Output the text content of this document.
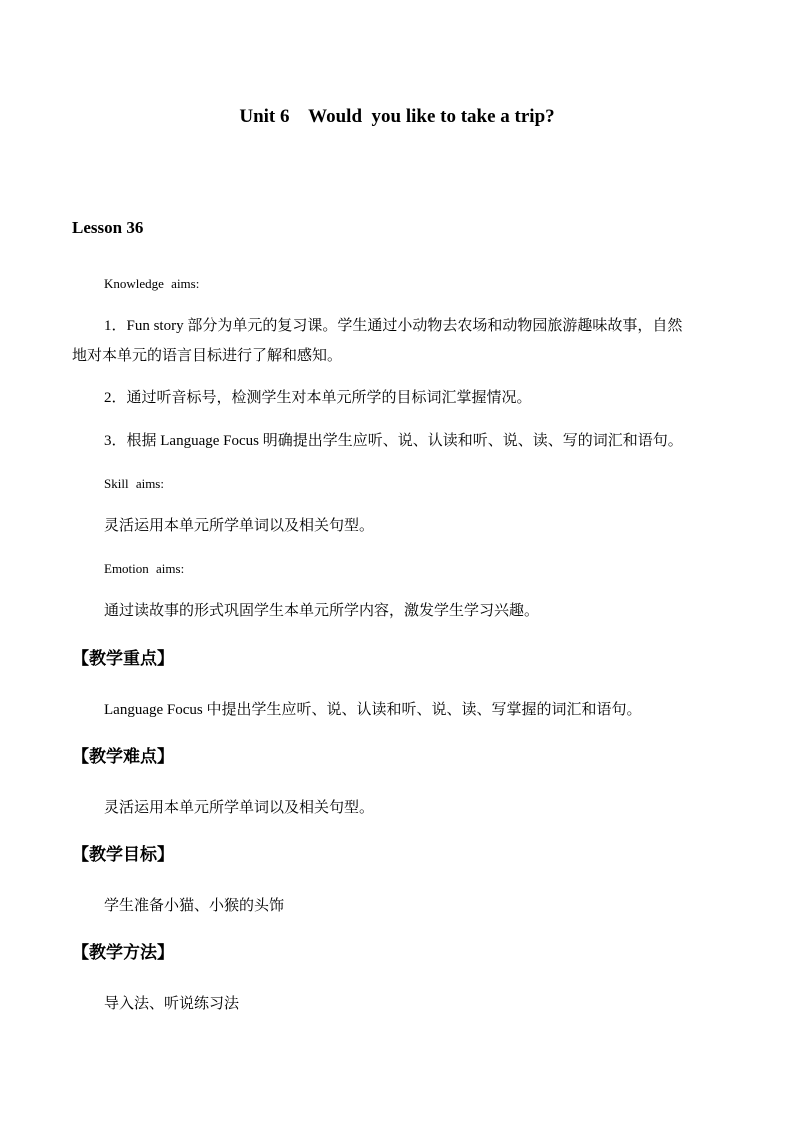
Unit 6    Would  you like to take a trip?
Lesson 36
Knowledge aims:
1．Fun story 部分为单元的复习课。学生通过小动物去农场和动物园旅游趣味故事，自然
地对本单元的语言目标进行了解和感知。
2．通过听音标号，检测学生对本单元所学的目标词汇掌握情况。
3．根据 Language Focus 明确提出学生应听、说、认读和听、说、读、写的词汇和语句。
Skill aims:
灵活运用本单元所学单词以及相关句型。
Emotion aims:
通过读故事的形式巩固学生本单元所学内容，激发学生学习兴趣。
【教学重点】
Language Focus 中提出学生应听、说、认读和听、说、读、写掌握的词汇和语句。
【教学难点】
灵活运用本单元所学单词以及相关句型。
【教学目标】
学生准备小猫、小猴的头饰
【教学方法】
导入法、听说练习法
